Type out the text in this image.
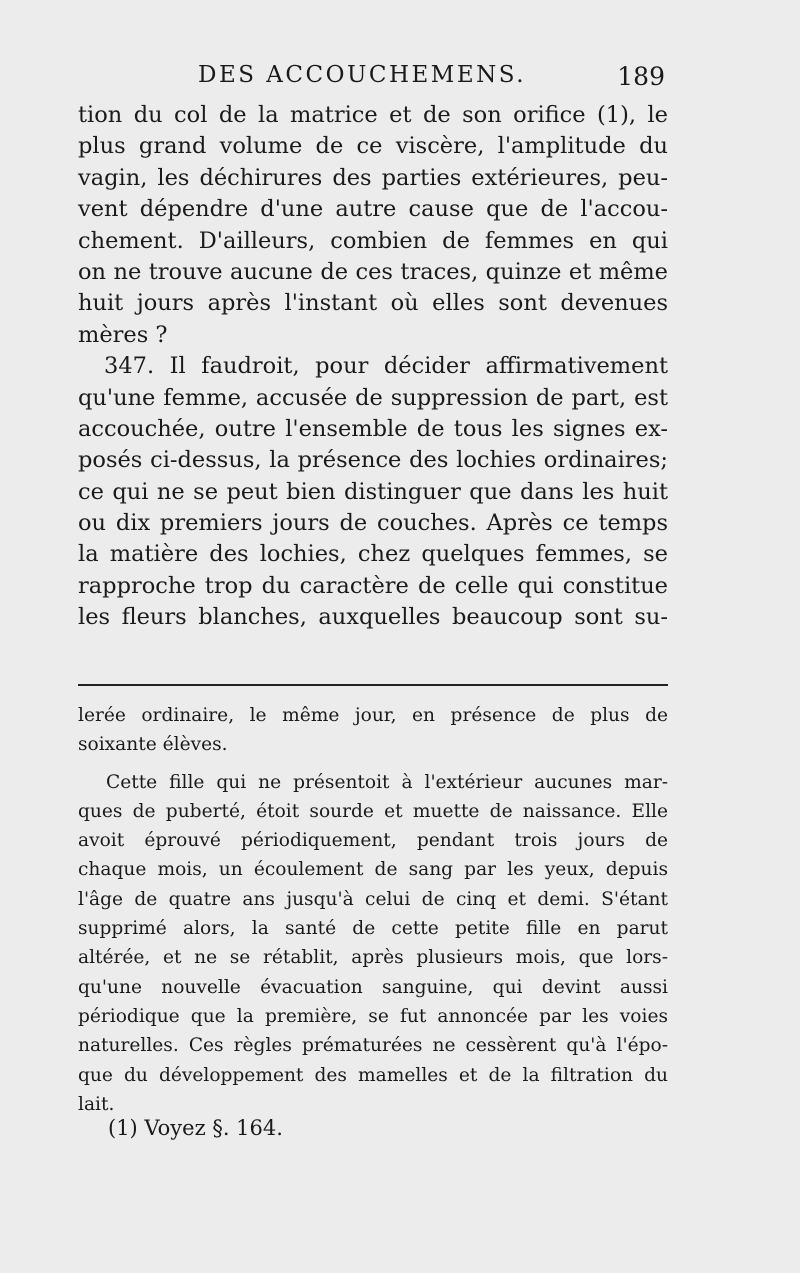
DES ACCOUCHEMENS.	189
tion du col de la matrice et de son orifice (1), le
plus grand volume de ce viscère, l'amplitude du
vagin, les déchirures des parties extérieures, peu-
vent dépendre d'une autre cause que de l'accou-
chement. D'ailleurs, combien de femmes en qui
on ne trouve aucune de ces traces, quinze et même
huit jours après l'instant où elles sont devenues
mères ?
347. Il faudroit, pour décider affirmativement
qu'une femme, accusée de suppression de part, est
accouchée, outre l'ensemble de tous les signes ex-
posés ci-dessus, la présence des lochies ordinaires;
ce qui ne se peut bien distinguer que dans les huit
ou dix premiers jours de couches. Après ce temps
la matière des lochies, chez quelques femmes, se
rapproche trop du caractère de celle qui constitue
les fleurs blanches, auxquelles beaucoup sont su-
lerée ordinaire, le même jour, en présence de plus de
soixante élèves.
Cette fille qui ne présentoit à l'extérieur aucunes mar-
ques de puberté, étoit sourde et muette de naissance. Elle
avoit éprouvé périodiquement, pendant trois jours de
chaque mois, un écoulement de sang par les yeux, depuis
l'âge de quatre ans jusqu'à celui de cinq et demi. S'étant
supprimé alors, la santé de cette petite fille en parut
altérée, et ne se rétablit, après plusieurs mois, que lors-
qu'une nouvelle évacuation sanguine, qui devint aussi
périodique que la première, se fut annoncée par les voies
naturelles. Ces règles prématurées ne cessèrent qu'à l'épo-
que du développement des mamelles et de la filtration du
lait.
(1) Voyez §. 164.
